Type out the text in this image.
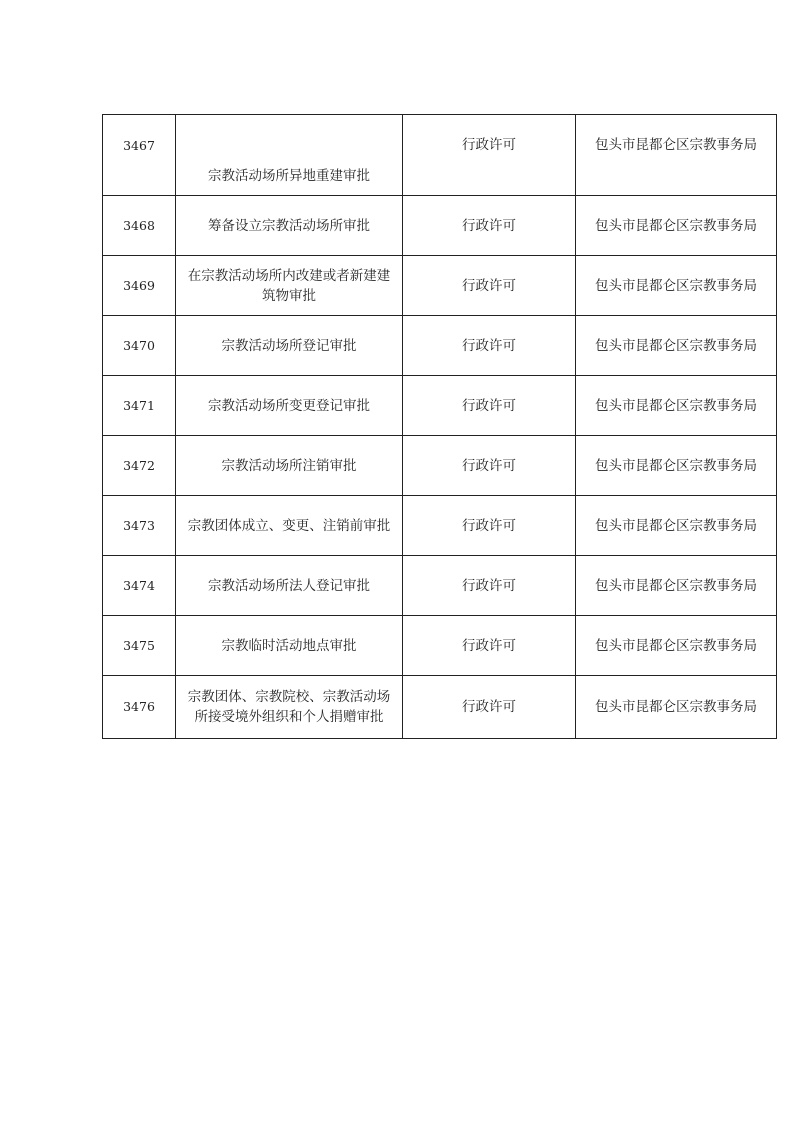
3467	宗教活动场所异地重建审批	行政许可	包头市昆都仑区宗教事务局
3468	筹备设立宗教活动场所审批	行政许可	包头市昆都仑区宗教事务局
3469	在宗教活动场所内改建或者新建建筑物审批	行政许可	包头市昆都仑区宗教事务局
3470	宗教活动场所登记审批	行政许可	包头市昆都仑区宗教事务局
3471	宗教活动场所变更登记审批	行政许可	包头市昆都仑区宗教事务局
3472	宗教活动场所注销审批	行政许可	包头市昆都仑区宗教事务局
3473	宗教团体成立、变更、注销前审批	行政许可	包头市昆都仑区宗教事务局
3474	宗教活动场所法人登记审批	行政许可	包头市昆都仑区宗教事务局
3475	宗教临时活动地点审批	行政许可	包头市昆都仑区宗教事务局
3476	宗教团体、宗教院校、宗教活动场所接受境外组织和个人捐赠审批	行政许可	包头市昆都仑区宗教事务局
